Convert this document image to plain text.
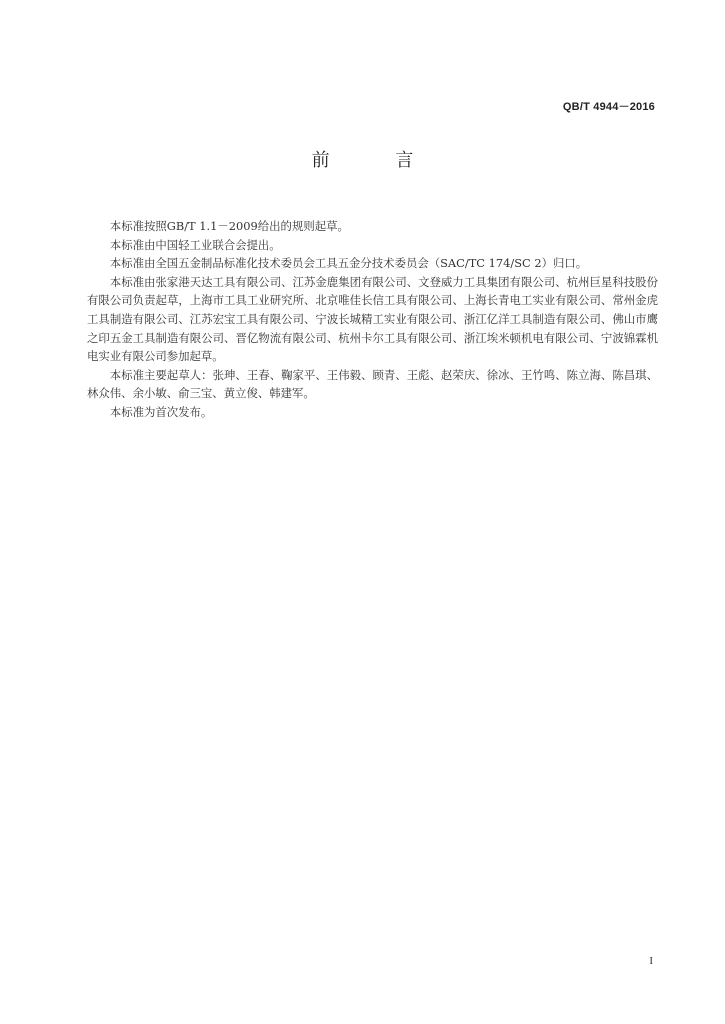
QB/T 4944－2016
前 言

本标准按照GB/T 1.1－2009给出的规则起草。

本标准由中国轻工业联合会提出。

本标准由全国五金制品标准化技术委员会工具五金分技术委员会（SAC/TC 174/SC 2）归口。

本标准由张家港天达工具有限公司、江苏金鹿集团有限公司、文登威力工具集团有限公司、杭州巨星科技股份有限公司负责起草，上海市工具工业研究所、北京唯佳长信工具有限公司、上海长青电工实业有限公司、常州金虎工具制造有限公司、江苏宏宝工具有限公司、宁波长城精工实业有限公司、浙江亿洋工具制造有限公司、佛山市鹰之印五金工具制造有限公司、晋亿物流有限公司、杭州卡尔工具有限公司、浙江埃米顿机电有限公司、宁波锦霖机电实业有限公司参加起草。

本标准主要起草人：张珅、王春、鞠家平、王伟毅、顾青、王彪、赵荣庆、徐冰、王竹鸣、陈立海、陈昌琪、林众伟、余小敏、俞三宝、黄立俊、韩建军。

本标准为首次发布。

I
